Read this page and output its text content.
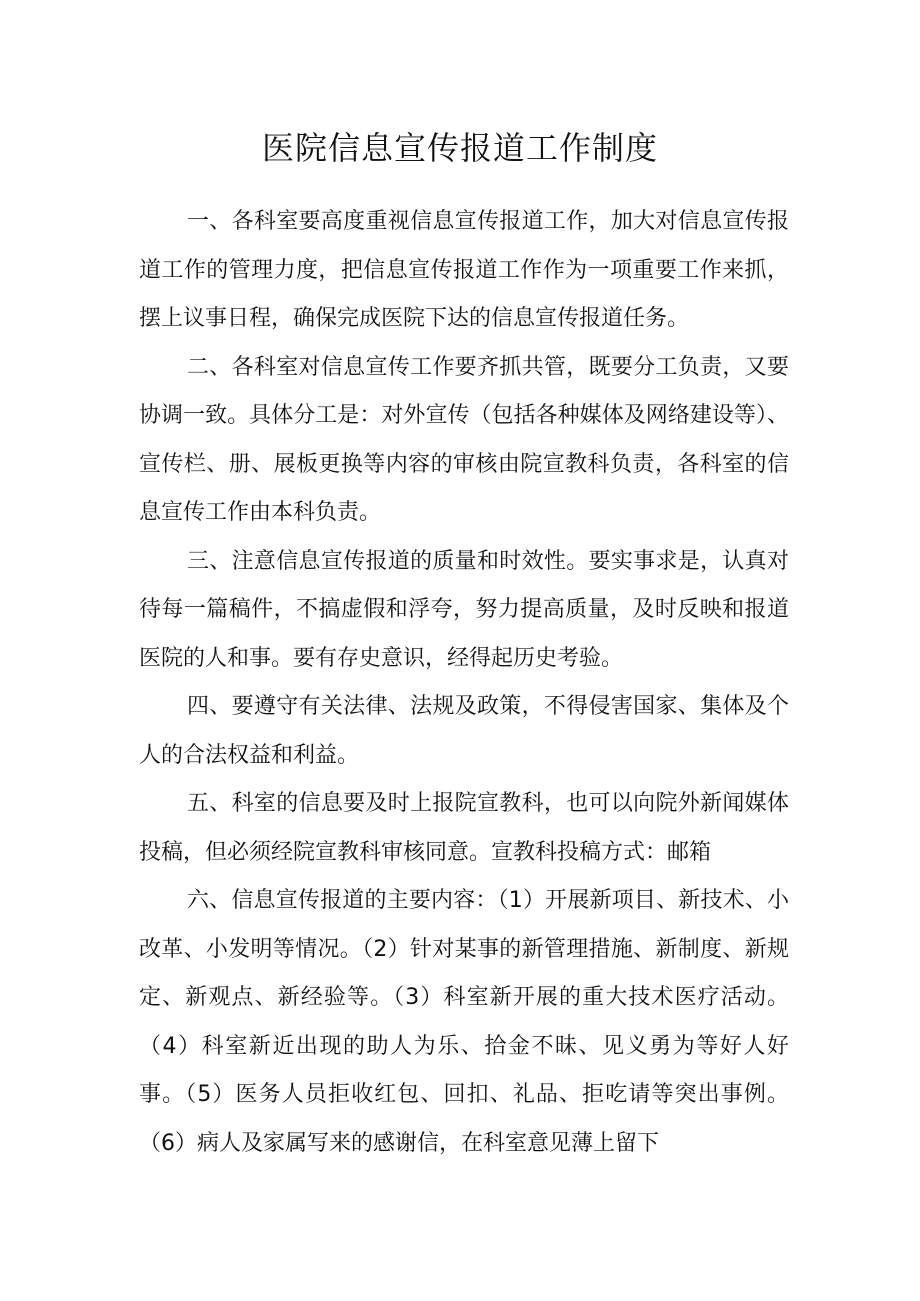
医院信息宣传报道工作制度

一、各科室要高度重视信息宣传报道工作，加大对信息宣传报道工作的管理力度，把信息宣传报道工作作为一项重要工作来抓，摆上议事日程，确保完成医院下达的信息宣传报道任务。

二、各科室对信息宣传工作要齐抓共管，既要分工负责，又要协调一致。具体分工是：对外宣传（包括各种媒体及网络建设等）、宣传栏、册、展板更换等内容的审核由院宣教科负责，各科室的信息宣传工作由本科负责。

三、注意信息宣传报道的质量和时效性。要实事求是，认真对待每一篇稿件，不搞虚假和浮夸，努力提高质量，及时反映和报道医院的人和事。要有存史意识，经得起历史考验。

四、要遵守有关法律、法规及政策，不得侵害国家、集体及个人的合法权益和利益。

五、科室的信息要及时上报院宣教科，也可以向院外新闻媒体投稿，但必须经院宣教科审核同意。宣教科投稿方式：邮箱

六、信息宣传报道的主要内容：（1）开展新项目、新技术、小改革、小发明等情况。（2）针对某事的新管理措施、新制度、新规定、新观点、新经验等。（3）科室新开展的重大技术医疗活动。（4）科室新近出现的助人为乐、拾金不昧、见义勇为等好人好事。（5）医务人员拒收红包、回扣、礼品、拒吃请等突出事例。（6）病人及家属写来的感谢信，在科室意见薄上留下
